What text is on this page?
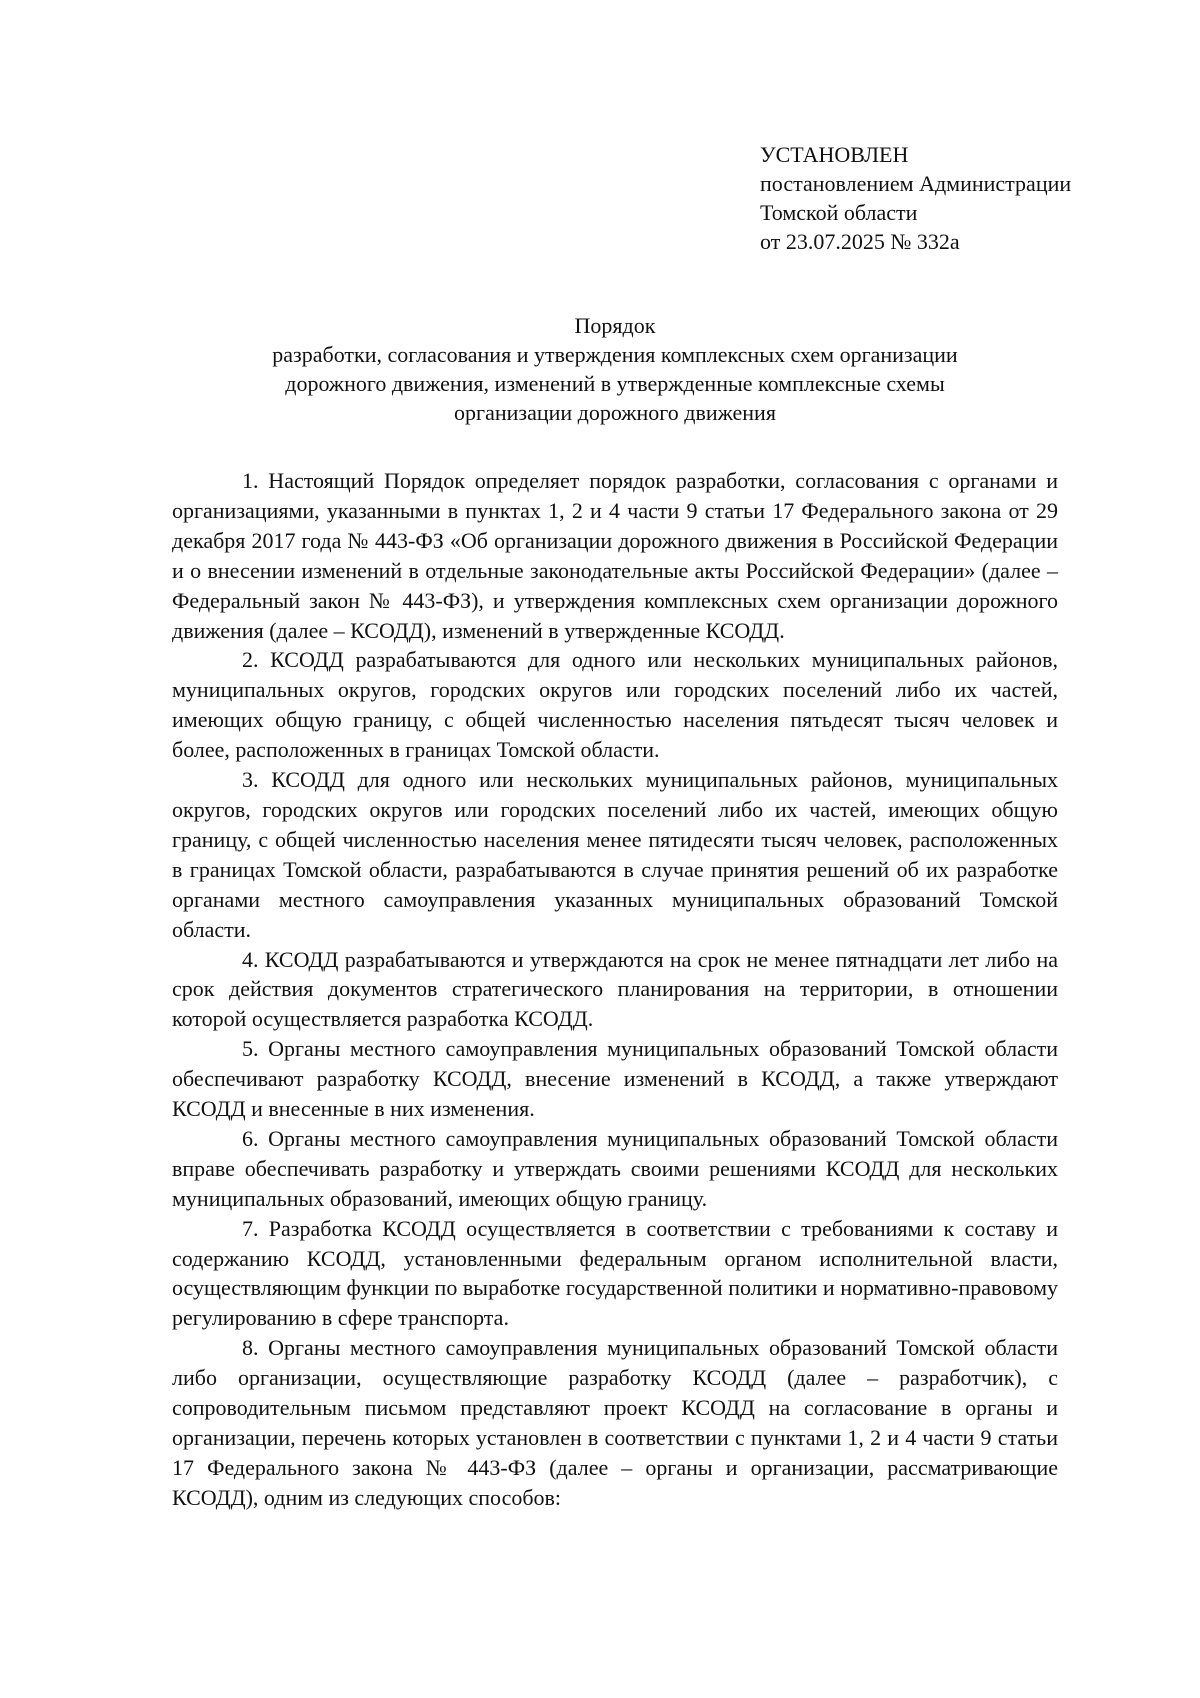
УСТАНОВЛЕН
постановлением Администрации
Томской области
от 23.07.2025 № 332а
Порядок
разработки, согласования и утверждения комплексных схем организации
дорожного движения, изменений в утвержденные комплексные схемы
организации дорожного движения

1. Настоящий Порядок определяет порядок разработки, согласования с органами и организациями, указанными в пунктах 1, 2 и 4 части 9 статьи 17 Федерального закона от 29 декабря 2017 года № 443-ФЗ «Об организации дорожного движения в Российской Федерации и о внесении изменений в отдельные законодательные акты Российской Федерации» (далее – Федеральный закон № 443-ФЗ), и утверждения комплексных схем организации дорожного движения (далее – КСОДД), изменений в утвержденные КСОДД.

2. КСОДД разрабатываются для одного или нескольких муниципальных районов, муниципальных округов, городских округов или городских поселений либо их частей, имеющих общую границу, с общей численностью населения пятьдесят тысяч человек и более, расположенных в границах Томской области.

3. КСОДД для одного или нескольких муниципальных районов, муниципальных округов, городских округов или городских поселений либо их частей, имеющих общую границу, с общей численностью населения менее пятидесяти тысяч человек, расположенных в границах Томской области, разрабатываются в случае принятия решений об их разработке органами местного самоуправления указанных муниципальных образований Томской области.

4. КСОДД разрабатываются и утверждаются на срок не менее пятнадцати лет либо на срок действия документов стратегического планирования на территории, в отношении которой осуществляется разработка КСОДД.

5. Органы местного самоуправления муниципальных образований Томской области обеспечивают разработку КСОДД, внесение изменений в КСОДД, а также утверждают КСОДД и внесенные в них изменения.

6. Органы местного самоуправления муниципальных образований Томской области вправе обеспечивать разработку и утверждать своими решениями КСОДД для нескольких муниципальных образований, имеющих общую границу.

7. Разработка КСОДД осуществляется в соответствии с требованиями к составу и содержанию КСОДД, установленными федеральным органом исполнительной власти, осуществляющим функции по выработке государственной политики и нормативно-правовому регулированию в сфере транспорта.

8. Органы местного самоуправления муниципальных образований Томской области либо организации, осуществляющие разработку КСОДД (далее – разработчик), с сопроводительным письмом представляют проект КСОДД на согласование в органы и организации, перечень которых установлен в соответствии с пунктами 1, 2 и 4 части 9 статьи 17 Федерального закона № 443-ФЗ (далее – органы и организации, рассматривающие КСОДД), одним из следующих способов:
